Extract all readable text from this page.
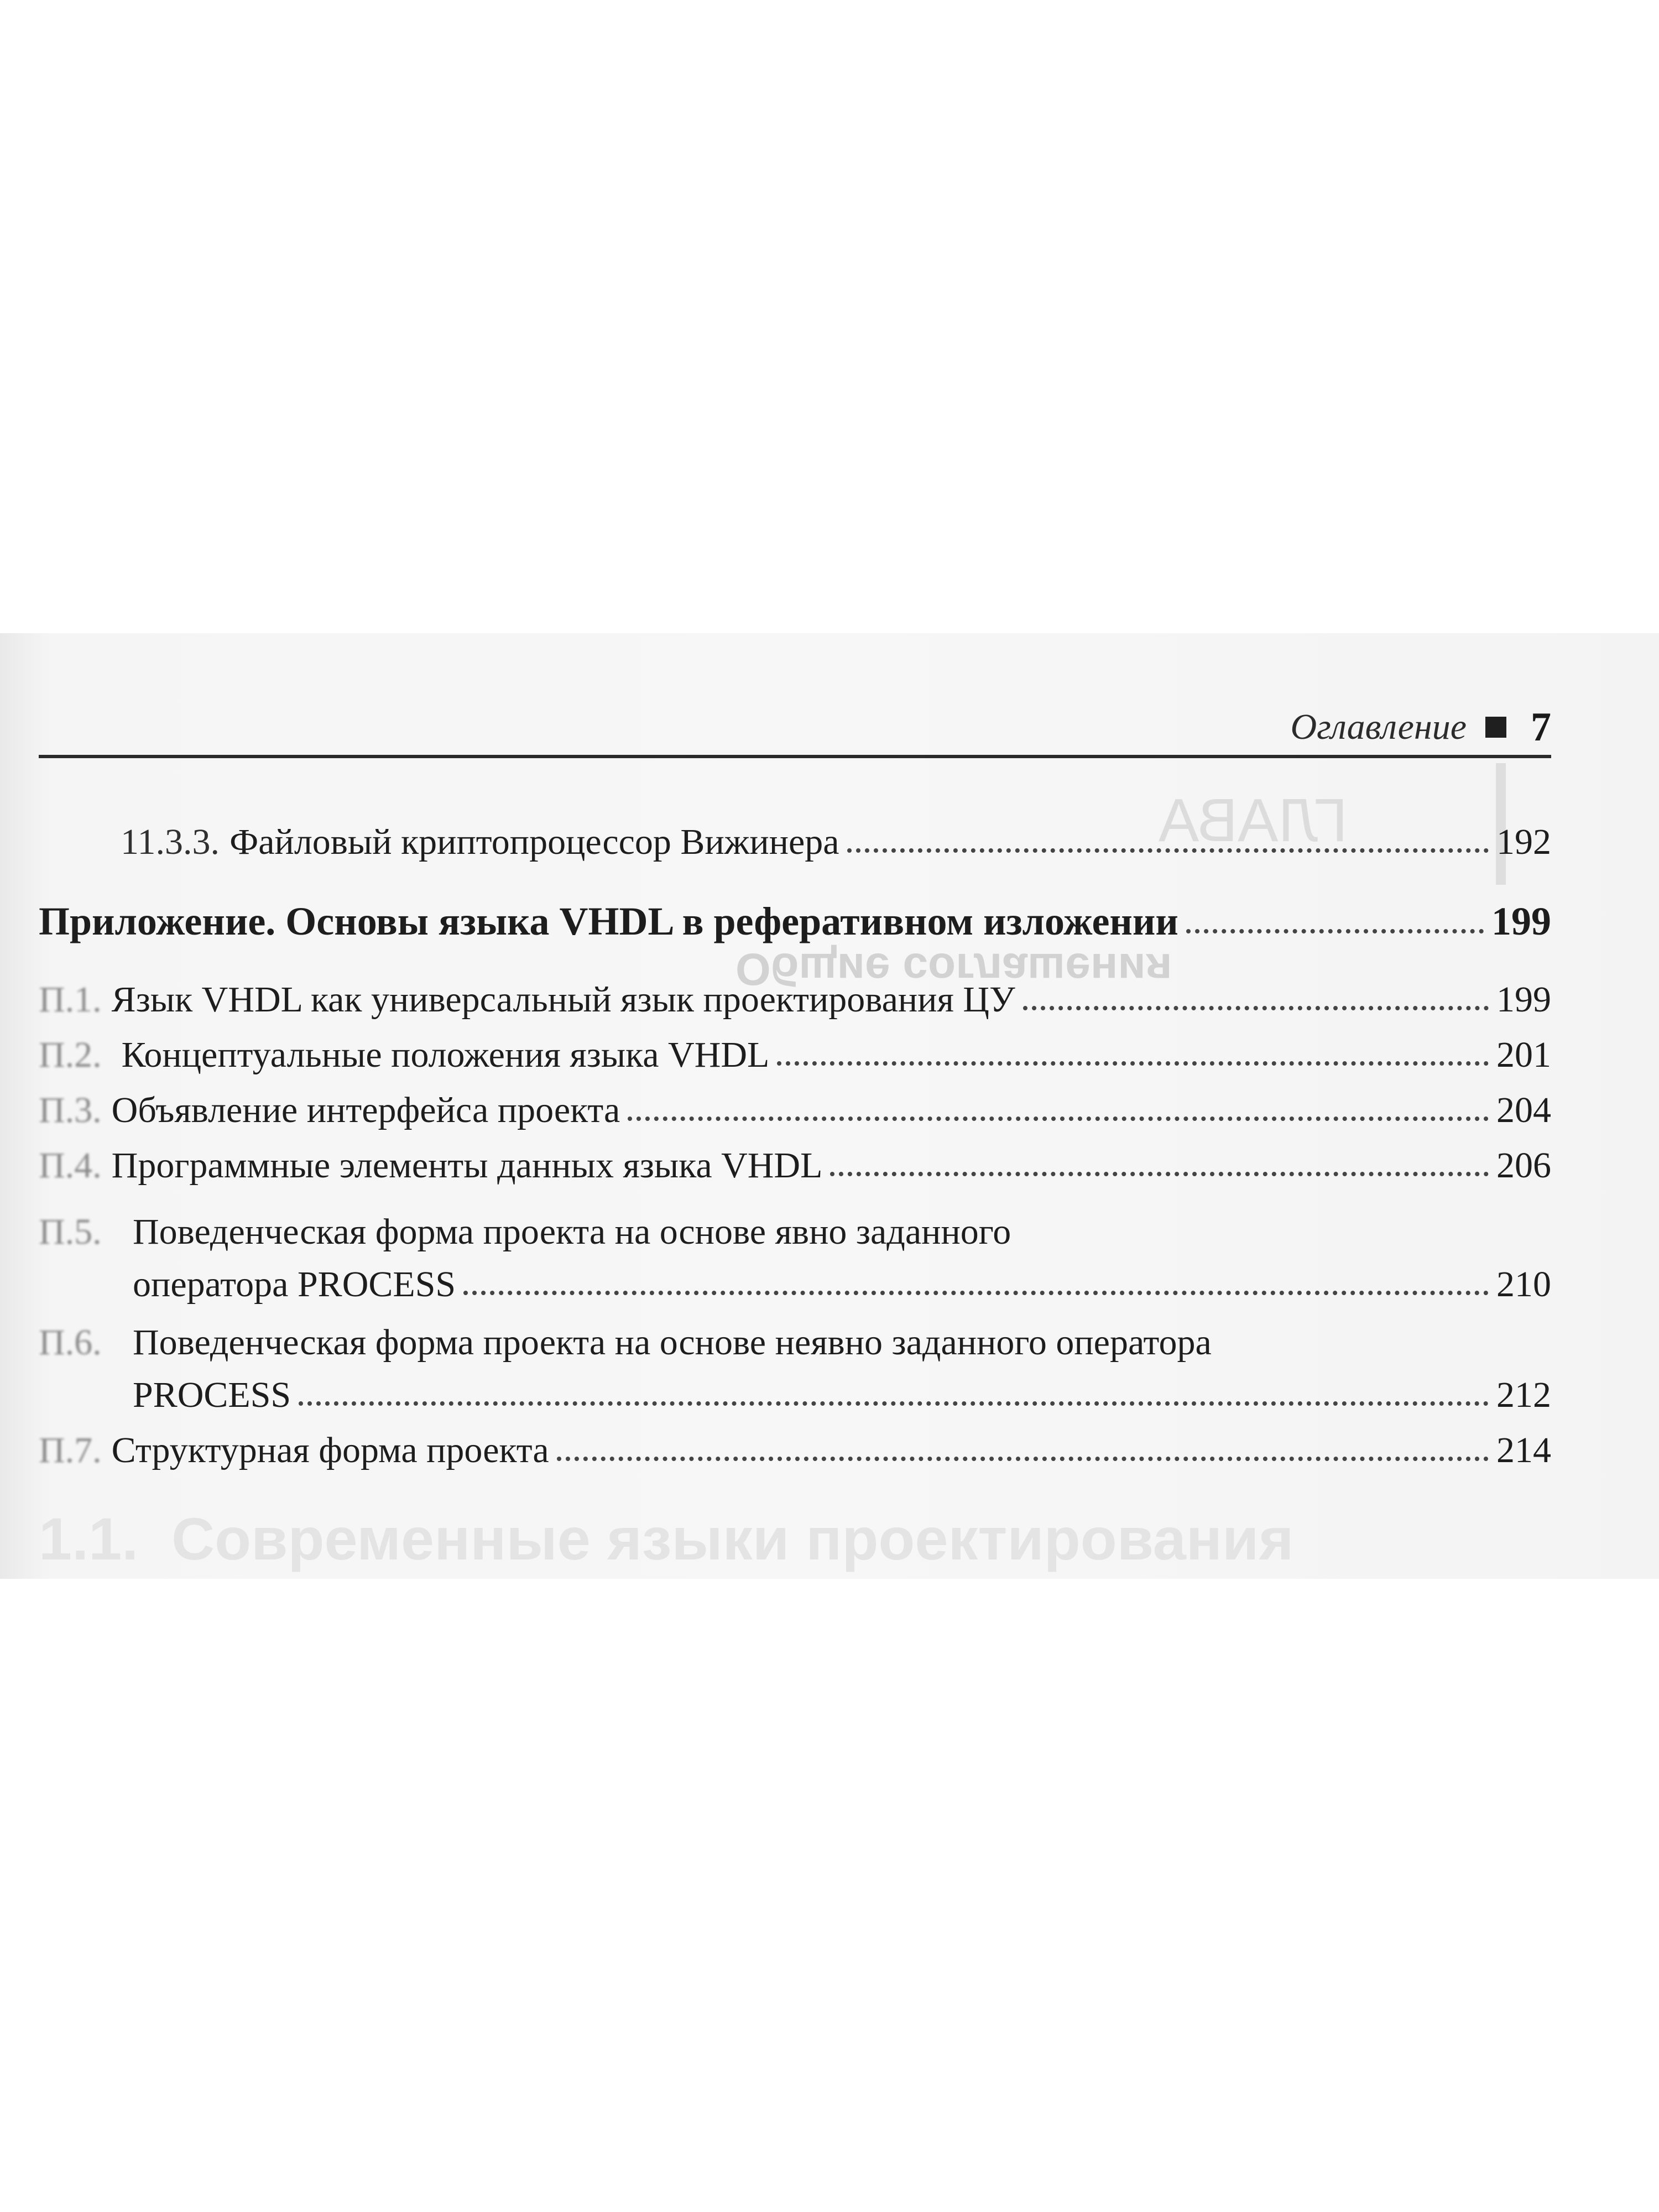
ГЛАВА
Общие соглашения
1.1.  Современные языки проектирования
Оглавление 7
11.3.3. Файловый криптопроцессор Вижинера	192
Приложение. Основы языка VHDL в реферативном изложении	199
П.1. Язык VHDL как универсальный язык проектирования ЦУ	199
П.2. Концептуальные положения языка VHDL	201
П.3. Объявление интерфейса проекта	204
П.4. Программные элементы данных языка VHDL	206
П.5. Поведенческая форма проекта на основе явно заданного
оператора PROCESS	210
П.6. Поведенческая форма проекта на основе неявно заданного оператора
PROCESS	212
П.7. Структурная форма проекта	214
